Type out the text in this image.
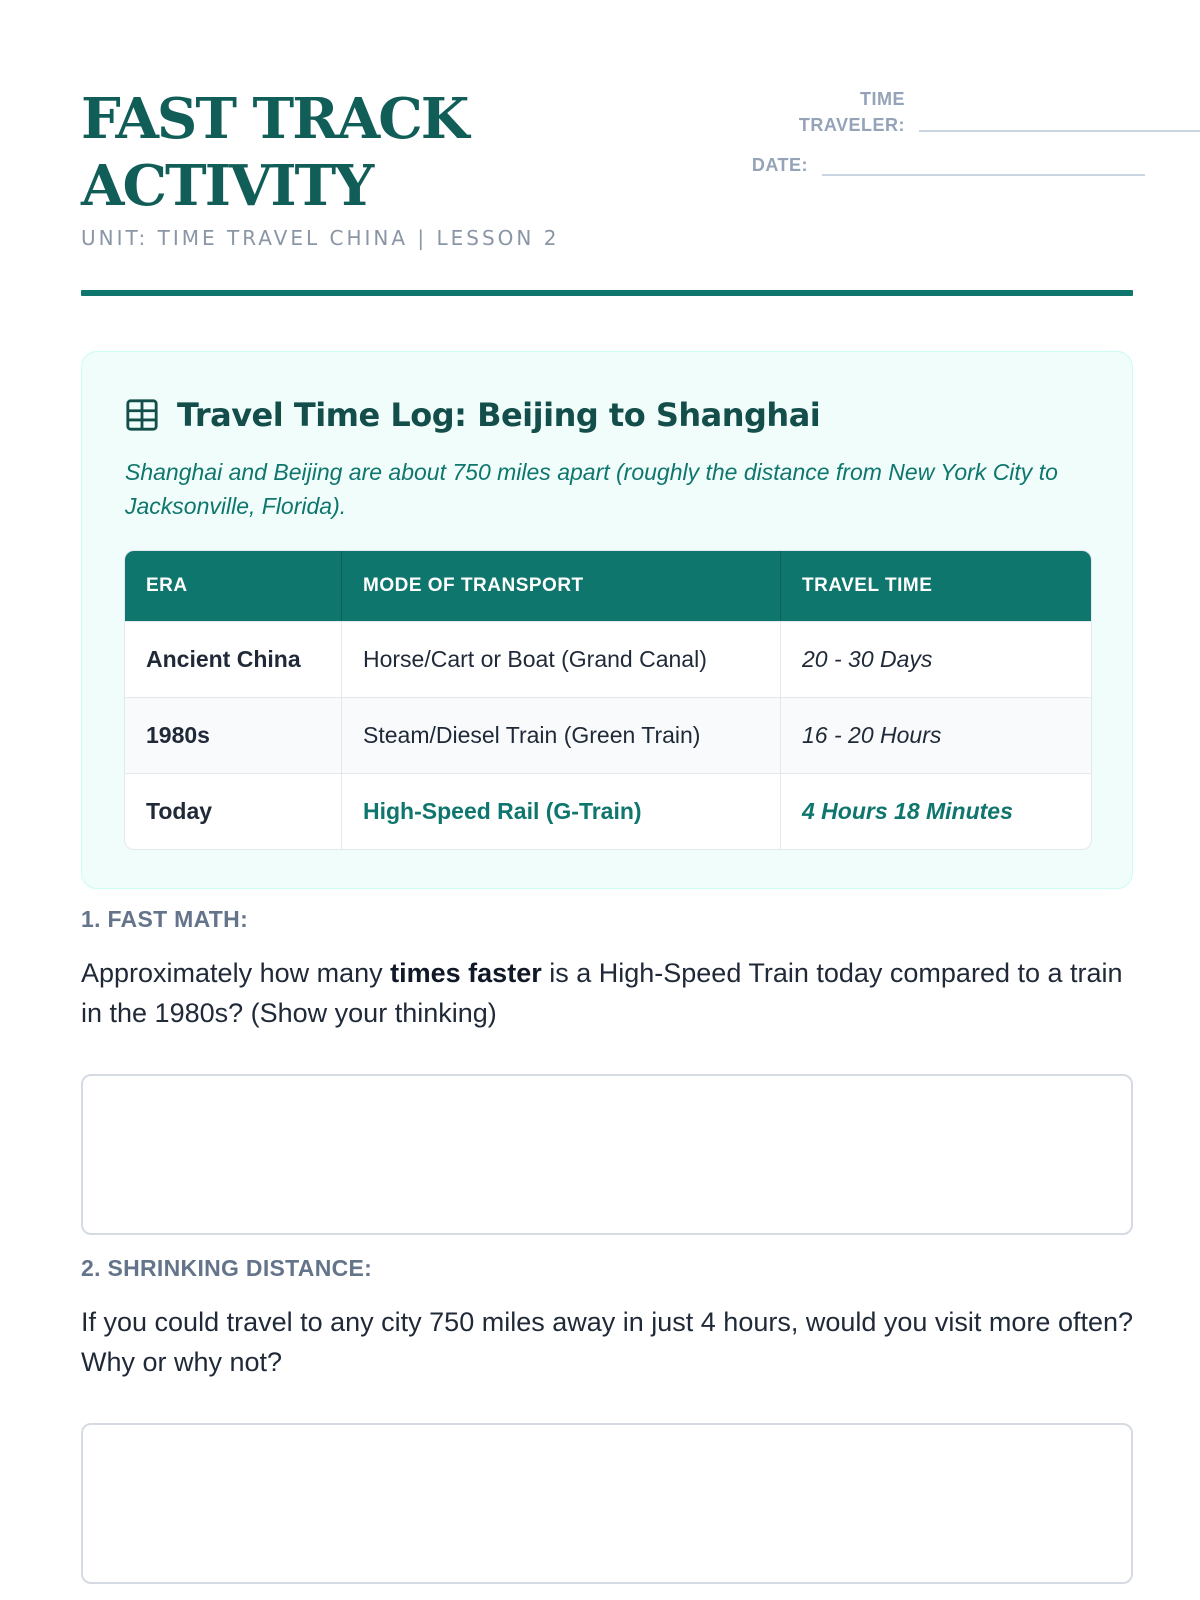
FAST TRACK
ACTIVITY
UNIT: TIME TRAVEL CHINA | LESSON 2
TIME
TRAVELER:
DATE:
Travel Time Log: Beijing to Shanghai
Shanghai and Beijing are about 750 miles apart (roughly the distance from New York City to Jacksonville, Florida).
ERA	MODE OF TRANSPORT	TRAVEL TIME
Ancient China	Horse/Cart or Boat (Grand Canal)	20 - 30 Days
1980s	Steam/Diesel Train (Green Train)	16 - 20 Hours
Today	High-Speed Rail (G-Train)	4 Hours 18 Minutes
1. FAST MATH:
Approximately how many times faster is a High-Speed Train today compared to a train in the 1980s? (Show your thinking)
2. SHRINKING DISTANCE:
If you could travel to any city 750 miles away in just 4 hours, would you visit more often? Why or why not?
